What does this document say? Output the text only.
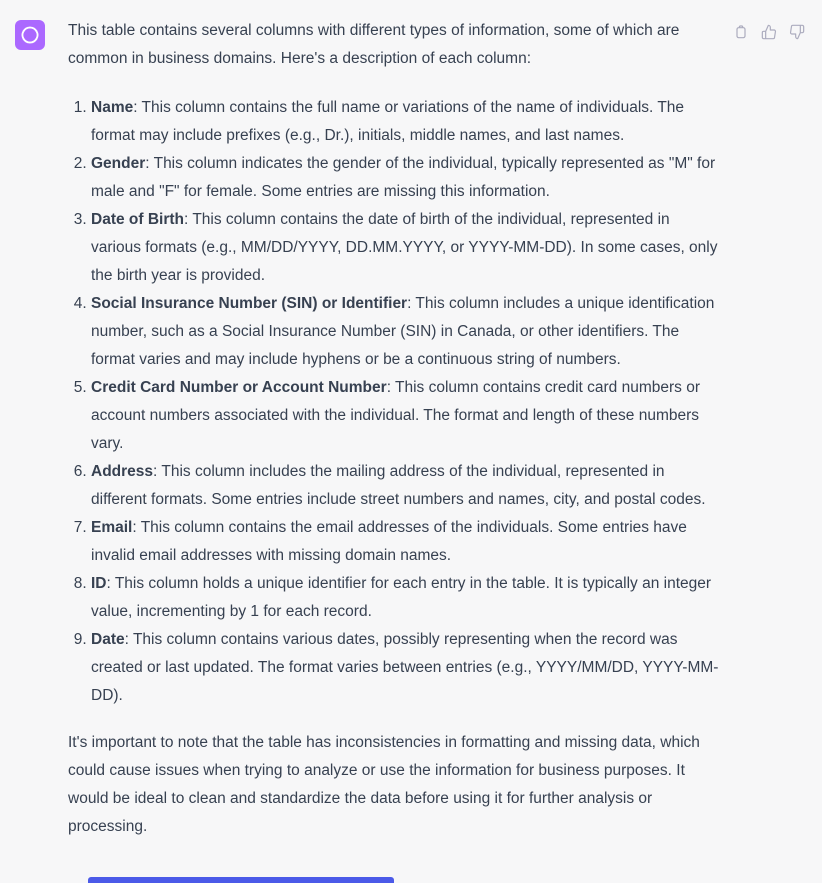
This table contains several columns with different types of information, some of which are common in business domains. Here's a description of each column:

1. Name: This column contains the full name or variations of the name of individuals. The format may include prefixes (e.g., Dr.), initials, middle names, and last names.
2. Gender: This column indicates the gender of the individual, typically represented as "M" for male and "F" for female. Some entries are missing this information.
3. Date of Birth: This column contains the date of birth of the individual, represented in various formats (e.g., MM/DD/YYYY, DD.MM.YYYY, or YYYY-MM-DD). In some cases, only the birth year is provided.
4. Social Insurance Number (SIN) or Identifier: This column includes a unique identification number, such as a Social Insurance Number (SIN) in Canada, or other identifiers. The format varies and may include hyphens or be a continuous string of numbers.
5. Credit Card Number or Account Number: This column contains credit card numbers or account numbers associated with the individual. The format and length of these numbers vary.
6. Address: This column includes the mailing address of the individual, represented in different formats. Some entries include street numbers and names, city, and postal codes.
7. Email: This column contains the email addresses of the individuals. Some entries have invalid email addresses with missing domain names.
8. ID: This column holds a unique identifier for each entry in the table. It is typically an integer value, incrementing by 1 for each record.
9. Date: This column contains various dates, possibly representing when the record was created or last updated. The format varies between entries (e.g., YYYY/MM/DD, YYYY-MM-DD).

It's important to note that the table has inconsistencies in formatting and missing data, which could cause issues when trying to analyze or use the information for business purposes. It would be ideal to clean and standardize the data before using it for further analysis or processing.
